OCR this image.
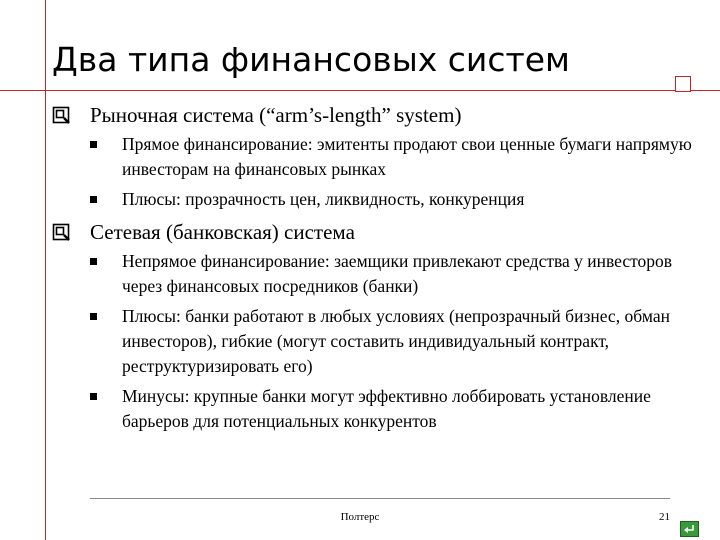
Два типа финансовых систем
Рыночная система (“arm’s-length” system)
Прямое финансирование: эмитенты продают свои ценные бумаги напрямую инвесторам на финансовых рынках
Плюсы: прозрачность цен, ликвидность, конкуренция
Сетевая (банковская) система
Непрямое финансирование: заемщики привлекают средства у инвесторов через финансовых посредников (банки)
Плюсы: банки работают в любых условиях (непрозрачный бизнес, обман инвесторов), гибкие (могут составить индивидуальный контракт, реструктуризировать его)
Минусы: крупные банки могут эффективно лоббировать установление барьеров для потенциальных конкурентов
Полтерс	21
